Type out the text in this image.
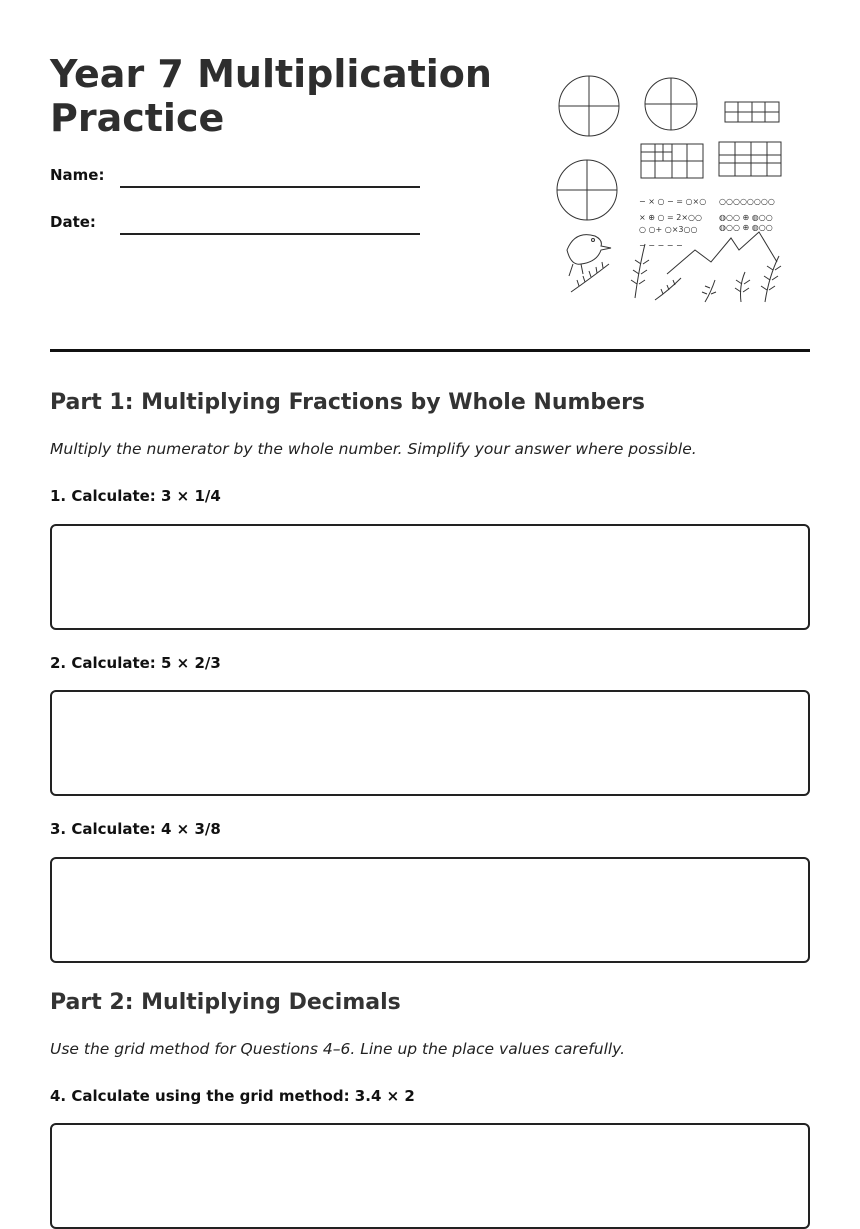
Year 7 Multiplication Practice
Name:
Date:
− × ○ − = ○×○
× ⊕ ○ = 2×○○
○ ○+ ○×3○○
○○○○○○○○
◍○○ ⊕ ◍○○
◍○○ ⊕ ◍○○
− − − − −
Part 1: Multiplying Fractions by Whole Numbers
Multiply the numerator by the whole number. Simplify your answer where possible.
1. Calculate: 3 × 1/4
2. Calculate: 5 × 2/3
3. Calculate: 4 × 3/8
Part 2: Multiplying Decimals
Use the grid method for Questions 4–6. Line up the place values carefully.
4. Calculate using the grid method: 3.4 × 2
